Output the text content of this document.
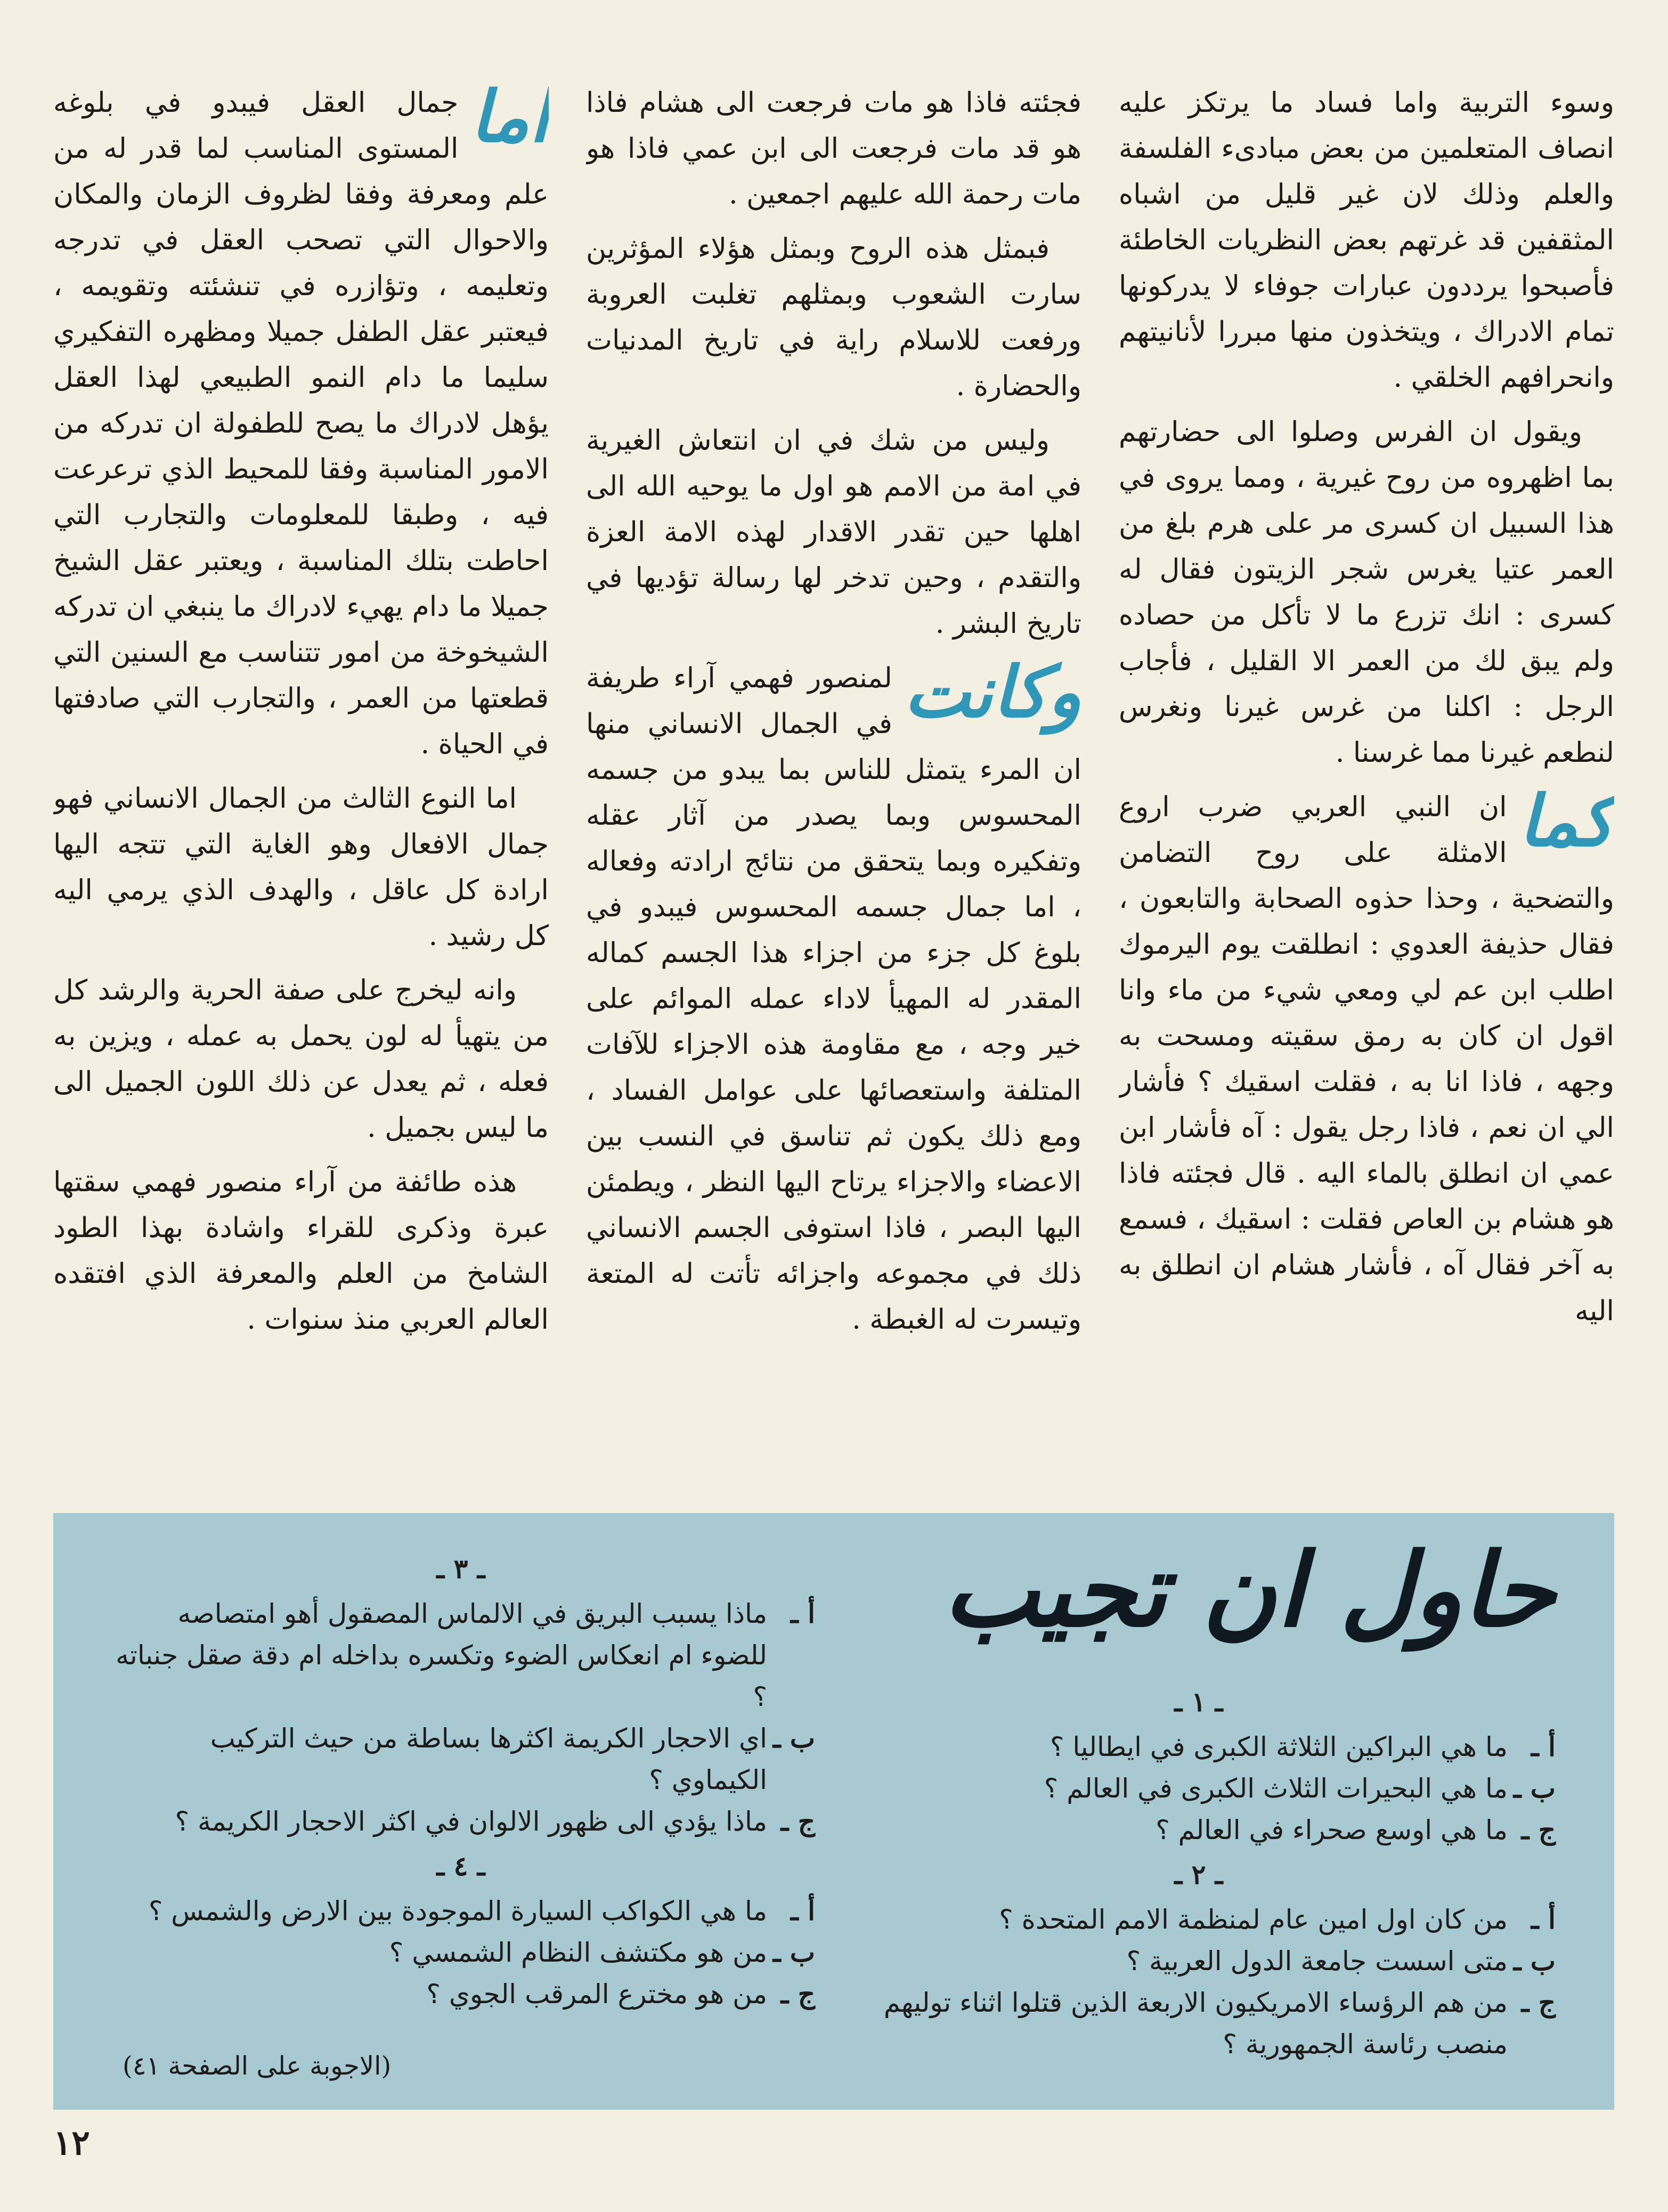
وسوء التربية واما فساد ما يرتكز عليه انصاف المتعلمين من بعض مبادىء الفلسفة والعلم وذلك لان غير قليل من اشباه المثقفين قد غرتهم بعض النظريات الخاطئة فأصبحوا يرددون عبارات جوفاء لا يدركونها تمام الادراك ، ويتخذون منها مبررا لأنانيتهم وانحرافهم الخلقي .

ويقول ان الفرس وصلوا الى حضارتهم بما اظهروه من روح غيرية ، ومما يروى في هذا السبيل ان كسرى مر على هرم بلغ من العمر عتيا يغرس شجر الزيتون فقال له كسرى : انك تزرع ما لا تأكل من حصاده ولم يبق لك من العمر الا القليل ، فأجاب الرجل : اكلنا من غرس غيرنا ونغرس لنطعم غيرنا مما غرسنا .

كما
ان النبي العربي ضرب اروع الامثلة على روح التضامن والتضحية ، وحذا حذوه الصحابة والتابعون ، فقال حذيفة العدوي : انطلقت يوم اليرموك اطلب ابن عم لي ومعي شيء من ماء وانا اقول ان كان به رمق سقيته ومسحت به وجهه ، فاذا انا به ، فقلت اسقيك ؟ فأشار الي ان نعم ، فاذا رجل يقول : آه فأشار ابن عمي ان انطلق بالماء اليه . قال فجئته فاذا هو هشام بن العاص فقلت : اسقيك ، فسمع به آخر فقال آه ، فأشار هشام ان انطلق به اليه

فجئته فاذا هو مات فرجعت الى هشام فاذا هو قد مات فرجعت الى ابن عمي فاذا هو مات رحمة الله عليهم اجمعين .

فبمثل هذه الروح وبمثل هؤلاء المؤثرين سارت الشعوب وبمثلهم تغلبت العروبة ورفعت للاسلام راية في تاريخ المدنيات والحضارة .

وليس من شك في ان انتعاش الغيرية في امة من الامم هو اول ما يوحيه الله الى اهلها حين تقدر الاقدار لهذه الامة العزة والتقدم ، وحين تدخر لها رسالة تؤديها في تاريخ البشر .

وكانت
لمنصور فهمي آراء طريفة في الجمال الانساني منها ان المرء يتمثل للناس بما يبدو من جسمه المحسوس وبما يصدر من آثار عقله وتفكيره وبما يتحقق من نتائج ارادته وفعاله ، اما جمال جسمه المحسوس فيبدو في بلوغ كل جزء من اجزاء هذا الجسم كماله المقدر له المهيأ لاداء عمله الموائم على خير وجه ، مع مقاومة هذه الاجزاء للآفات المتلفة واستعصائها على عوامل الفساد ، ومع ذلك يكون ثم تناسق في النسب بين الاعضاء والاجزاء يرتاح اليها النظر ، ويطمئن اليها البصر ، فاذا استوفى الجسم الانساني ذلك في مجموعه واجزائه تأتت له المتعة وتيسرت له الغبطة .

اما
جمال العقل فيبدو في بلوغه المستوى المناسب لما قدر له من علم ومعرفة وفقا لظروف الزمان والمكان والاحوال التي تصحب العقل في تدرجه وتعليمه ، وتؤازره في تنشئته وتقويمه ، فيعتبر عقل الطفل جميلا ومظهره التفكيري سليما ما دام النمو الطبيعي لهذا العقل يؤهل لادراك ما يصح للطفولة ان تدركه من الامور المناسبة وفقا للمحيط الذي ترعرعت فيه ، وطبقا للمعلومات والتجارب التي احاطت بتلك المناسبة ، ويعتبر عقل الشيخ جميلا ما دام يهيء لادراك ما ينبغي ان تدركه الشيخوخة من امور تتناسب مع السنين التي قطعتها من العمر ، والتجارب التي صادفتها في الحياة .

اما النوع الثالث من الجمال الانساني فهو جمال الافعال وهو الغاية التي تتجه اليها ارادة كل عاقل ، والهدف الذي يرمي اليه كل رشيد .

وانه ليخرج على صفة الحرية والرشد كل من يتهيأ له لون يحمل به عمله ، ويزين به فعله ، ثم يعدل عن ذلك اللون الجميل الى ما ليس بجميل .

هذه طائفة من آراء منصور فهمي سقتها عبرة وذكرى للقراء واشادة بهذا الطود الشامخ من العلم والمعرفة الذي افتقده العالم العربي منذ سنوات .

حاول ان تجيب
ـ ١ ـ

أ ـما هي البراكين الثلاثة الكبرى في ايطاليا ؟

ب ـما هي البحيرات الثلاث الكبرى في العالم ؟

ج ـما هي اوسع صحراء في العالم ؟

ـ ٢ ـ

أ ـمن كان اول امين عام لمنظمة الامم المتحدة ؟

ب ـمتى اسست جامعة الدول العربية ؟

ج ـمن هم الرؤساء الامريكيون الاربعة الذين قتلوا اثناء توليهم منصب رئاسة الجمهورية ؟

ـ ٣ ـ

أ ـماذا يسبب البريق في الالماس المصقول أهو امتصاصه للضوء ام انعكاس الضوء وتكسره بداخله ام دقة صقل جنباته ؟

ب ـاي الاحجار الكريمة اكثرها بساطة من حيث التركيب الكيماوي ؟

ج ـماذا يؤدي الى ظهور الالوان في اكثر الاحجار الكريمة ؟

ـ ٤ ـ

أ ـما هي الكواكب السيارة الموجودة بين الارض والشمس ؟

ب ـمن هو مكتشف النظام الشمسي ؟

ج ـمن هو مخترع المرقب الجوي ؟

(الاجوبة على الصفحة ٤١)
١٢
